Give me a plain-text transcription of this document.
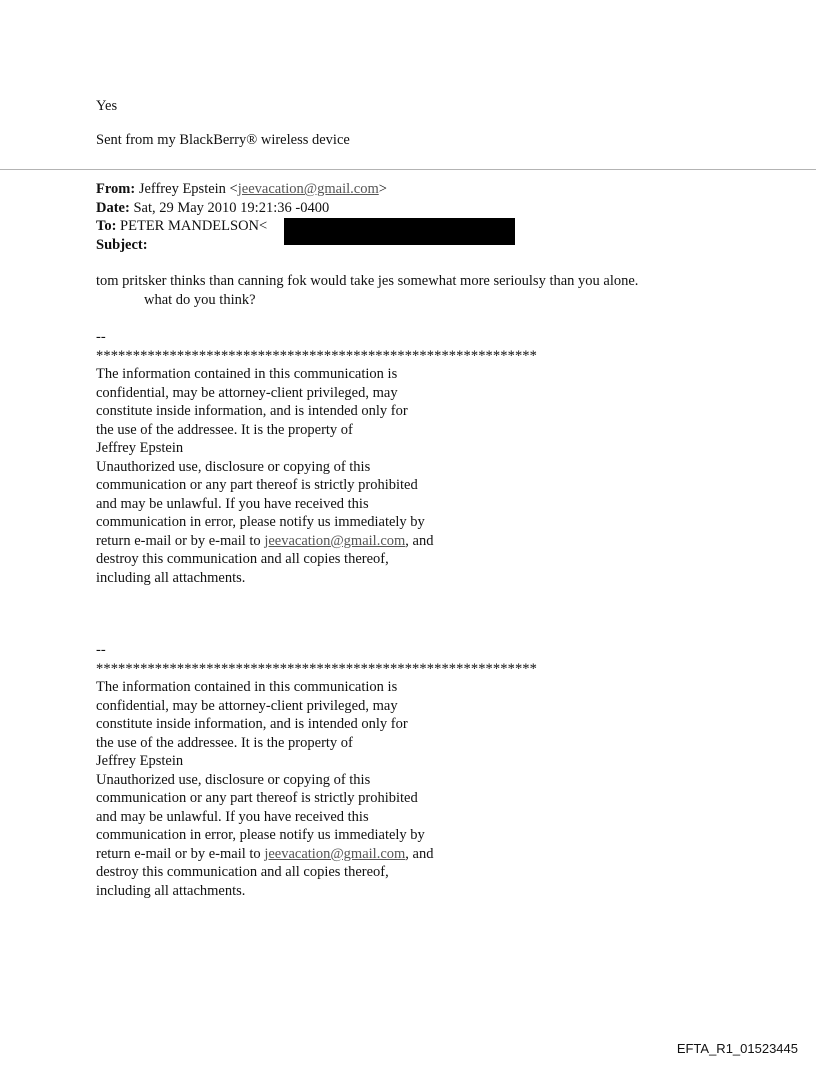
Yes
Sent from my BlackBerry® wireless device
From: Jeffrey Epstein <jeevacation@gmail.com>
Date: Sat, 29 May 2010 19:21:36 -0400
To: PETER MANDELSON<
Subject:
tom pritsker thinks than canning fok would take jes somewhat more serioulsy than you alone.
what do you think?
--
************************************************************
The information contained in this communication is
confidential, may be attorney-client privileged, may
constitute inside information, and is intended only for
the use of the addressee. It is the property of
Jeffrey Epstein
Unauthorized use, disclosure or copying of this
communication or any part thereof is strictly prohibited
and may be unlawful. If you have received this
communication in error, please notify us immediately by
return e-mail or by e-mail to jeevacation@gmail.com, and
destroy this communication and all copies thereof,
including all attachments.
--
************************************************************
The information contained in this communication is
confidential, may be attorney-client privileged, may
constitute inside information, and is intended only for
the use of the addressee. It is the property of
Jeffrey Epstein
Unauthorized use, disclosure or copying of this
communication or any part thereof is strictly prohibited
and may be unlawful. If you have received this
communication in error, please notify us immediately by
return e-mail or by e-mail to jeevacation@gmail.com, and
destroy this communication and all copies thereof,
including all attachments.
EFTA_R1_01523445
